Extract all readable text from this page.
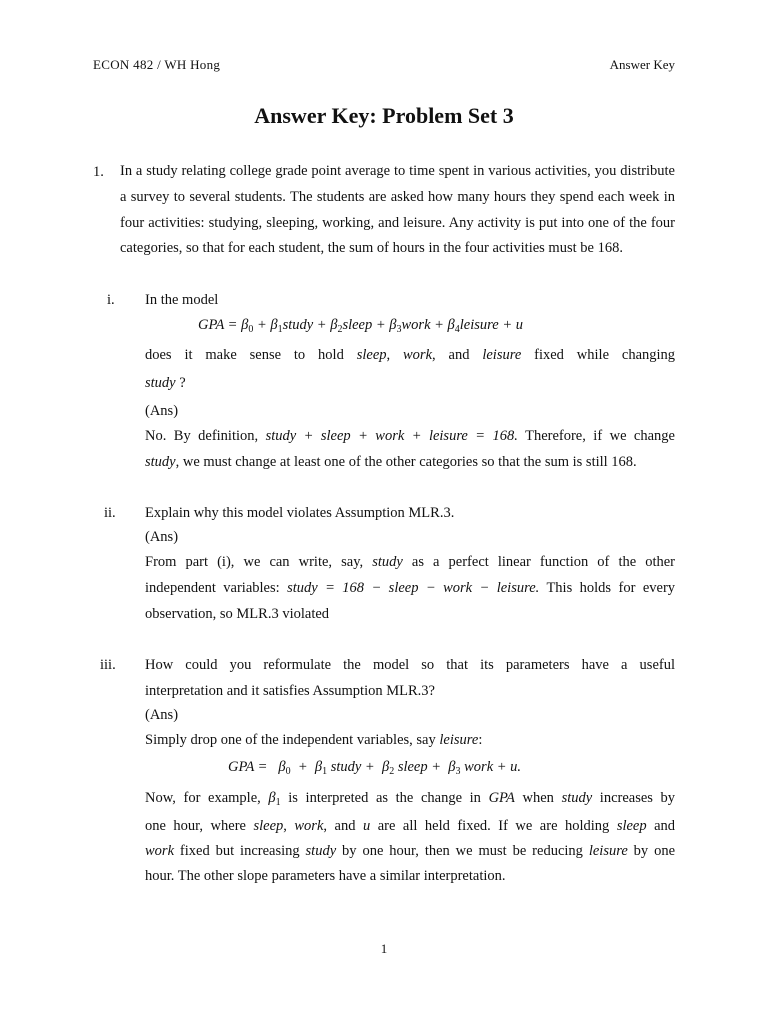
ECON 482 / WH Hong	Answer Key
Answer Key: Problem Set 3
1. In a study relating college grade point average to time spent in various activities, you distribute a survey to several students. The students are asked how many hours they spend each week in four activities: studying, sleeping, working, and leisure. Any activity is put into one of the four categories, so that for each student, the sum of hours in the four activities must be 168.

i. In the model

GPA = $\beta_0$ + $\beta_1study$ + $\beta_2sleep$ + $\beta_3work$ + $\beta_4leisure + u$

does it make sense to hold sleep, work, and leisure fixed while changing

study ?

(Ans)

No. By definition, study + sleep + work + leisure = 168. Therefore, if we change

study, we must change at least one of the other categories so that the sum is still 168.

ii. Explain why this model violates Assumption MLR.3.

(Ans)

From part (i), we can write, say, study as a perfect linear function of the other

independent variables: study = 168 − sleep − work − leisure. This holds for every

observation, so MLR.3 violated

iii. How could you reformulate the model so that its parameters have a useful

interpretation and it satisfies Assumption MLR.3?

(Ans)

Simply drop one of the independent variables, say leisure:

GPA =   $\beta_0 + \beta_1$ study +  $\beta_2$ sleep +  $\beta_3$ work + u.

Now, for example, $\beta_1$ is interpreted as the change in GPA when study increases by

one hour, where sleep, work, and u are all held fixed. If we are holding sleep and

work fixed but increasing study by one hour, then we must be reducing leisure by one

hour. The other slope parameters have a similar interpretation.

1
